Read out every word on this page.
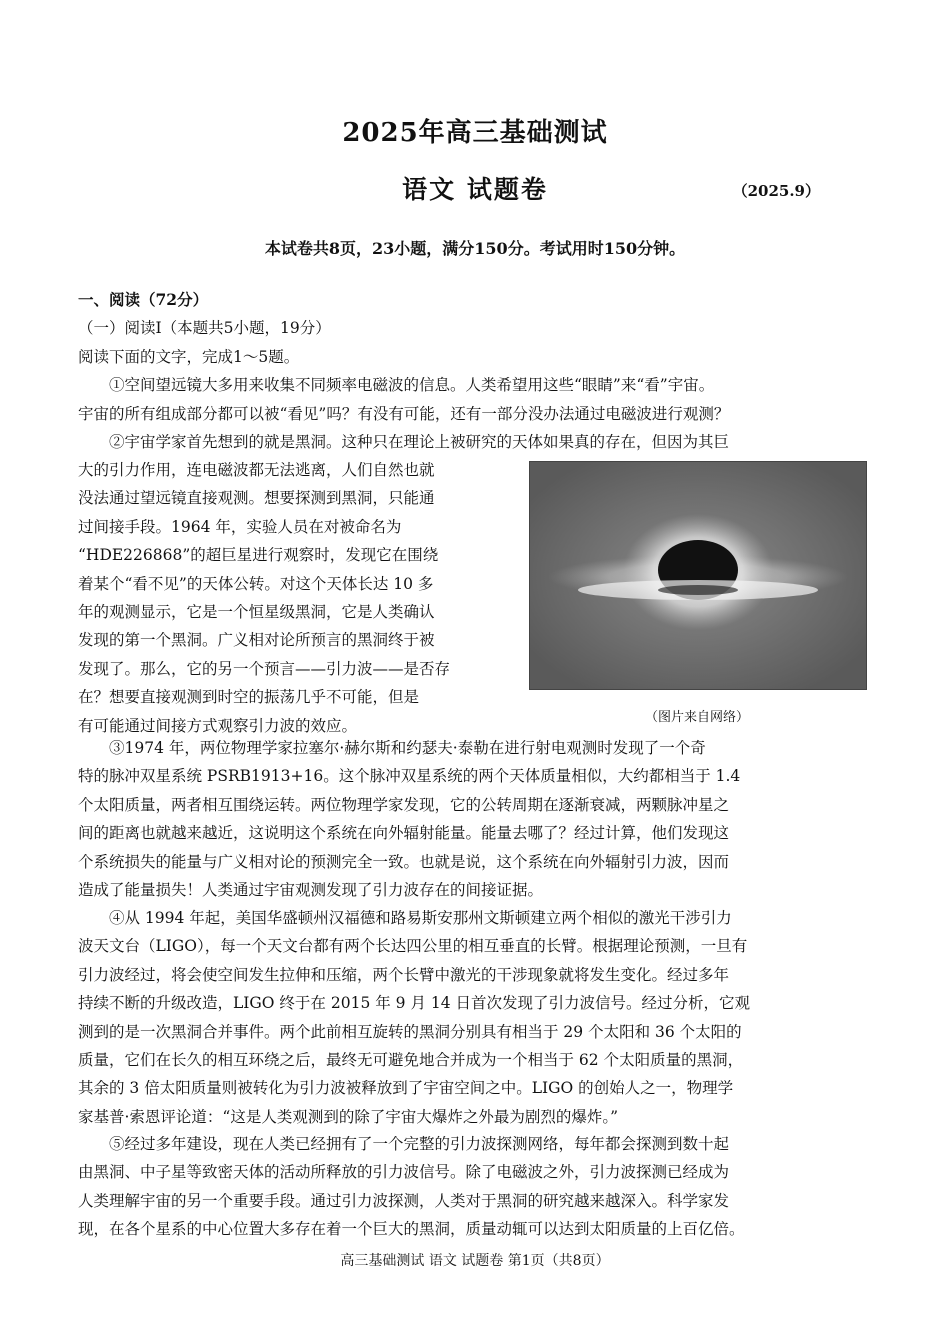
2025年高三基础测试
语文 试题卷	（2025.9）
本试卷共8页，23小题，满分150分。考试用时150分钟。
一、阅读（72分）
（一）阅读Ⅰ（本题共5小题，19分）
阅读下面的文字，完成1～5题。
①空间望远镜大多用来收集不同频率电磁波的信息。人类希望用这些“眼睛”来“看”宇宙。
宇宙的所有组成部分都可以被“看见”吗？有没有可能，还有一部分没办法通过电磁波进行观测？
②宇宙学家首先想到的就是黑洞。这种只在理论上被研究的天体如果真的存在，但因为其巨
大的引力作用，连电磁波都无法逃离，人们自然也就
没法通过望远镜直接观测。想要探测到黑洞，只能通
过间接手段。1964 年，实验人员在对被命名为
“HDE226868”的超巨星进行观察时，发现它在围绕
着某个“看不见”的天体公转。对这个天体长达 10 多
年的观测显示，它是一个恒星级黑洞，它是人类确认
发现的第一个黑洞。广义相对论所预言的黑洞终于被
发现了。那么，它的另一个预言——引力波——是否存
在？想要直接观测到时空的振荡几乎不可能，但是
有可能通过间接方式观察引力波的效应。	（图片来自网络）
③1974 年，两位物理学家拉塞尔·赫尔斯和约瑟夫·泰勒在进行射电观测时发现了一个奇
特的脉冲双星系统 PSRB1913+16。这个脉冲双星系统的两个天体质量相似，大约都相当于 1.4
个太阳质量，两者相互围绕运转。两位物理学家发现，它的公转周期在逐渐衰减，两颗脉冲星之
间的距离也就越来越近，这说明这个系统在向外辐射能量。能量去哪了？经过计算，他们发现这
个系统损失的能量与广义相对论的预测完全一致。也就是说，这个系统在向外辐射引力波，因而
造成了能量损失！人类通过宇宙观测发现了引力波存在的间接证据。
④从 1994 年起，美国华盛顿州汉福德和路易斯安那州文斯顿建立两个相似的激光干涉引力
波天文台（LIGO），每一个天文台都有两个长达四公里的相互垂直的长臂。根据理论预测，一旦有
引力波经过，将会使空间发生拉伸和压缩，两个长臂中激光的干涉现象就将发生变化。经过多年
持续不断的升级改造，LIGO 终于在 2015 年 9 月 14 日首次发现了引力波信号。经过分析，它观
测到的是一次黑洞合并事件。两个此前相互旋转的黑洞分别具有相当于 29 个太阳和 36 个太阳的
质量，它们在长久的相互环绕之后，最终无可避免地合并成为一个相当于 62 个太阳质量的黑洞，
其余的 3 倍太阳质量则被转化为引力波被释放到了宇宙空间之中。LIGO 的创始人之一，物理学
家基普·索恩评论道：“这是人类观测到的除了宇宙大爆炸之外最为剧烈的爆炸。”
⑤经过多年建设，现在人类已经拥有了一个完整的引力波探测网络，每年都会探测到数十起
由黑洞、中子星等致密天体的活动所释放的引力波信号。除了电磁波之外，引力波探测已经成为
人类理解宇宙的另一个重要手段。通过引力波探测，人类对于黑洞的研究越来越深入。科学家发
现，在各个星系的中心位置大多存在着一个巨大的黑洞，质量动辄可以达到太阳质量的上百亿倍。
高三基础测试 语文 试题卷 第1页（共8页）
